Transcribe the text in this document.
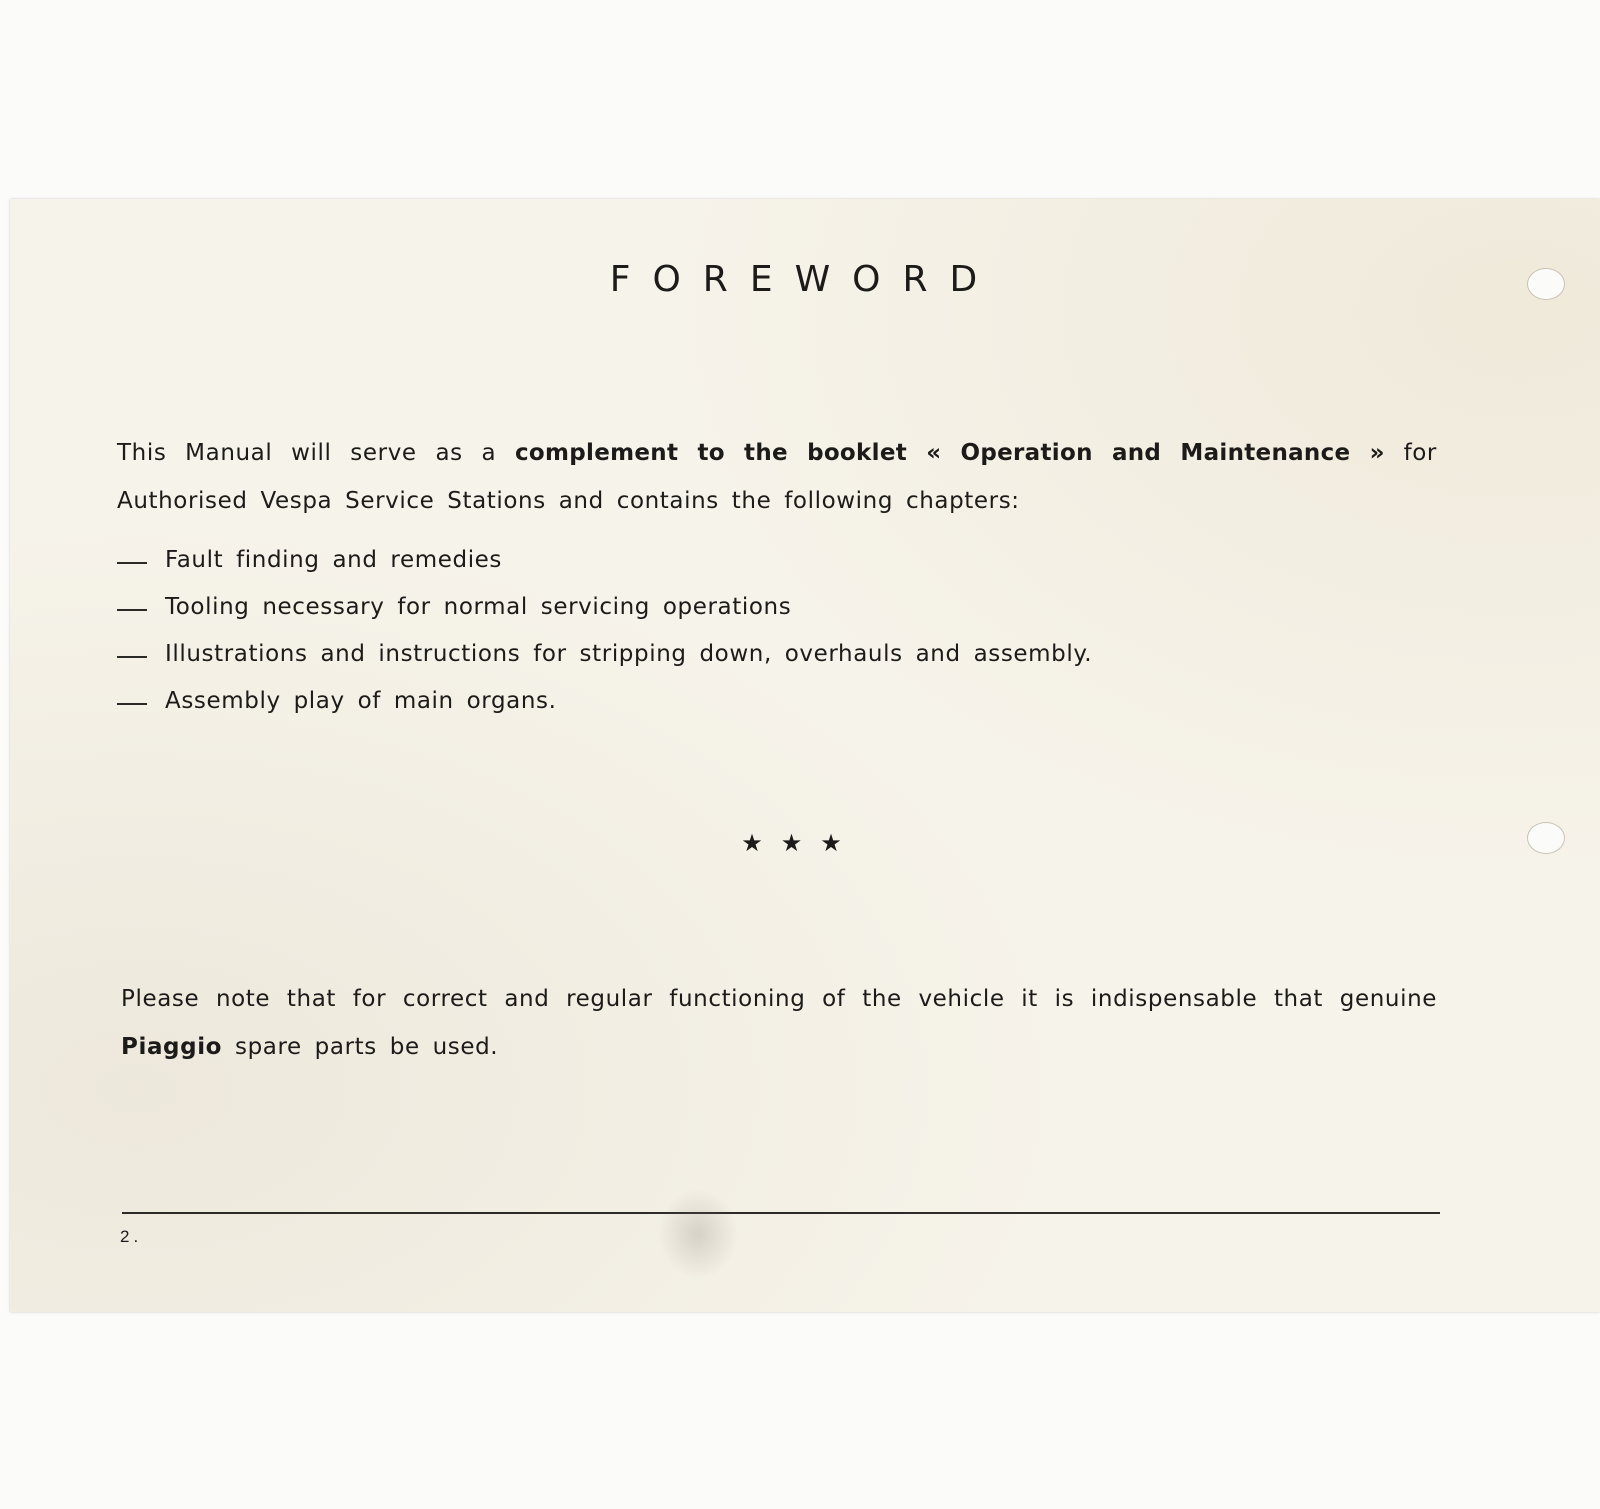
FOREWORD

This Manual will serve as a complement to the booklet « Operation and Maintenance » for Authorised Vespa Service Stations and contains the following chapters:

Fault finding and remedies
Tooling necessary for normal servicing operations
Illustrations and instructions for stripping down, overhauls and assembly.
Assembly play of main organs.
★★★

Please note that for correct and regular functioning of the vehicle it is indispensable that genuine Piaggio spare parts be used.

2.
